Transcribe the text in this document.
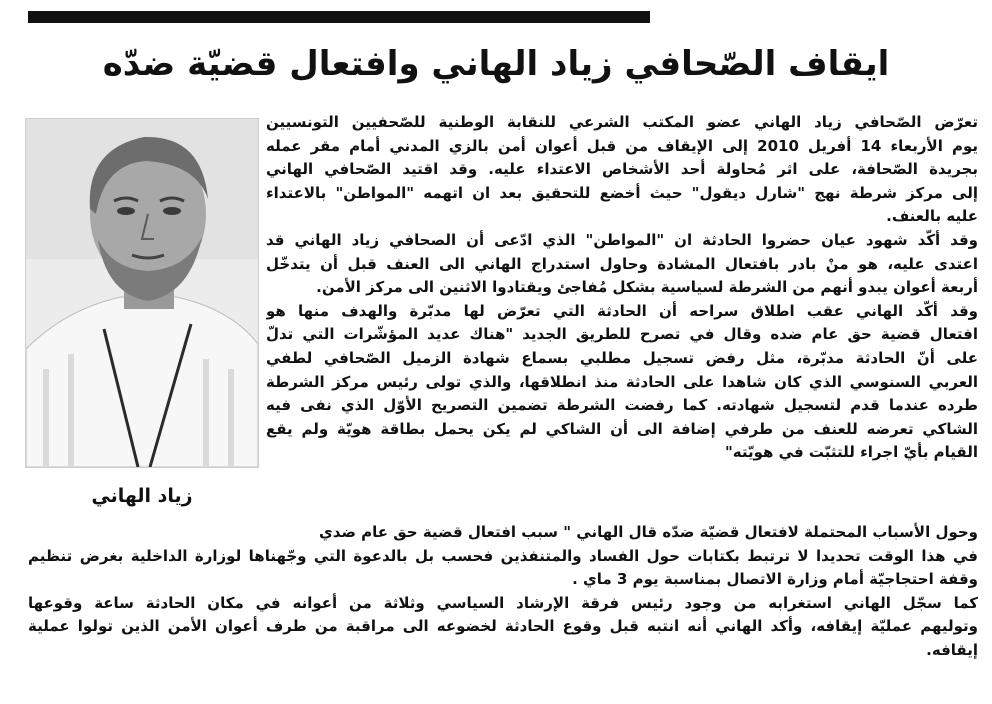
ايقاف الصّحافي زياد الهاني وافتعال قضيّة ضدّه
زياد الهاني
تعرّض الصّحافي زياد الهاني عضو المكتب الشرعي للنقابة الوطنية للصّحفيين التونسيين
يوم الأربعاء 14 أفريل 2010 إلى الإيقاف من قبل أعوان أمن بالزي المدني أمام مقر عمله
بجريدة الصّحافة، على اثر مُحاولة أحد الأشخاص الاعتداء عليه. وقد اقتيد الصّحافي الهاني
إلى مركز شرطة نهج "شارل ديقول" حيث أخضع للتحقيق بعد ان اتهمه "المواطن" بالاعتداء
عليه بالعنف.
وقد أكّد شهود عيان حضروا الحادثة ان "المواطن" الذي ادّعى أن الصحافي زياد الهاني قد
اعتدى عليه، هو منْ بادر بافتعال المشادة وحاول استدراج الهاني الى العنف قبل أن يتدخّل
أربعة أعوان يبدو أنهم من الشرطة لسياسية بشكل مُفاجئ ويقتادوا الاثنين الى مركز الأمن.
وقد أكّد الهاني عقب اطلاق سراحه أن الحادثة التي تعرّض لها مدبّرة والهدف منها هو
افتعال قضية حق عام ضده وقال في تصرح للطريق الجديد "هناك عديد المؤشّرات التي تدلّ
على أنّ الحادثة مدبّرة، مثل رفض تسجيل مطلبي بسماع شهادة الزميل الصّحافي لطفي
العربي السنوسي الذي كان شاهدا على الحادثة منذ انطلاقها، والذي تولى رئيس مركز الشرطة
طرده عندما قدم لتسجيل شهادته. كما رفضت الشرطة تضمين التصريح الأوّل الذي نفى فيه
الشاكي تعرضه للعنف من طرفي إضافة الى أن الشاكي لم يكن يحمل بطاقة هويّة ولم يقع
القيام بأيّ اجراء للتثبّت في هويّته"
وحول الأسباب المحتملة لافتعال قضيّة ضدّه قال الهاني " سبب افتعال قضية حق عام ضدي
في هذا الوقت تحديدا لا ترتبط بكتابات حول الفساد والمتنفذين فحسب بل بالدعوة التي وجّهناها لوزارة الداخلية بغرض تنظيم
وقفة احتجاجيّة أمام وزارة الاتصال بمناسبة يوم 3 ماي .
كما سجّل الهاني استغرابه من وجود رئيس فرقة الإرشاد السياسي وثلاثة من أعوانه في مكان الحادثة ساعة وقوعها
وتوليهم عمليّة إيقافه، وأكد الهاني أنه انتبه قبل وقوع الحادثة لخضوعه الى مراقبة من طرف أعوان الأمن الذين تولوا عملية
إيقافه.
